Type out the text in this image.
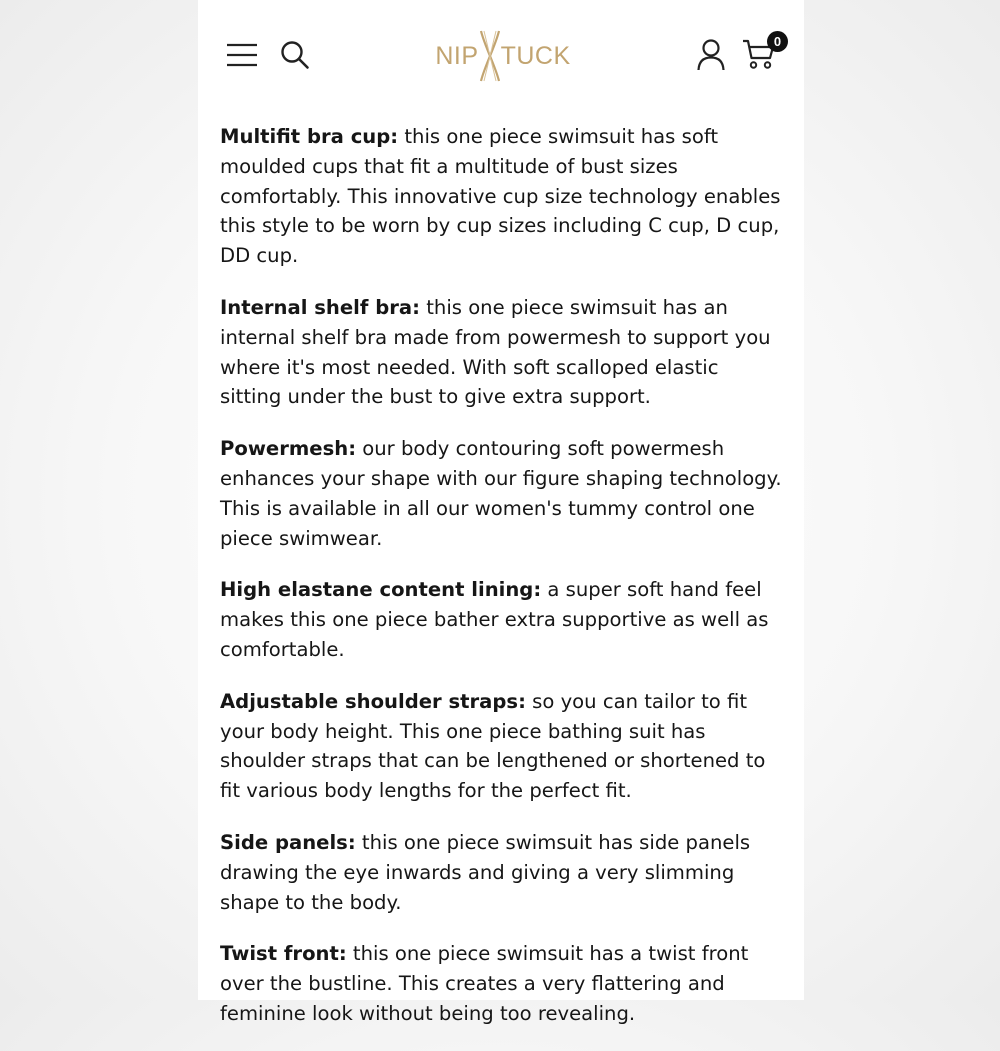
NIP TUCK	0

Multifit bra cup: this one piece swimsuit has soft moulded cups that fit a multitude of bust sizes comfortably. This innovative cup size technology enables this style to be worn by cup sizes including C cup, D cup, DD cup.

Internal shelf bra: this one piece swimsuit has an internal shelf bra made from powermesh to support you where it's most needed. With soft scalloped elastic sitting under the bust to give extra support.

Powermesh: our body contouring soft powermesh enhances your shape with our figure shaping technology. This is available in all our women's tummy control one piece swimwear.

High elastane content lining: a super soft hand feel makes this one piece bather extra supportive as well as comfortable.

Adjustable shoulder straps: so you can tailor to fit your body height. This one piece bathing suit has shoulder straps that can be lengthened or shortened to fit various body lengths for the perfect fit.

Side panels: this one piece swimsuit has side panels drawing the eye inwards and giving a very slimming shape to the body.

Twist front: this one piece swimsuit has a twist front over the bustline. This creates a very flattering and feminine look without being too revealing.
